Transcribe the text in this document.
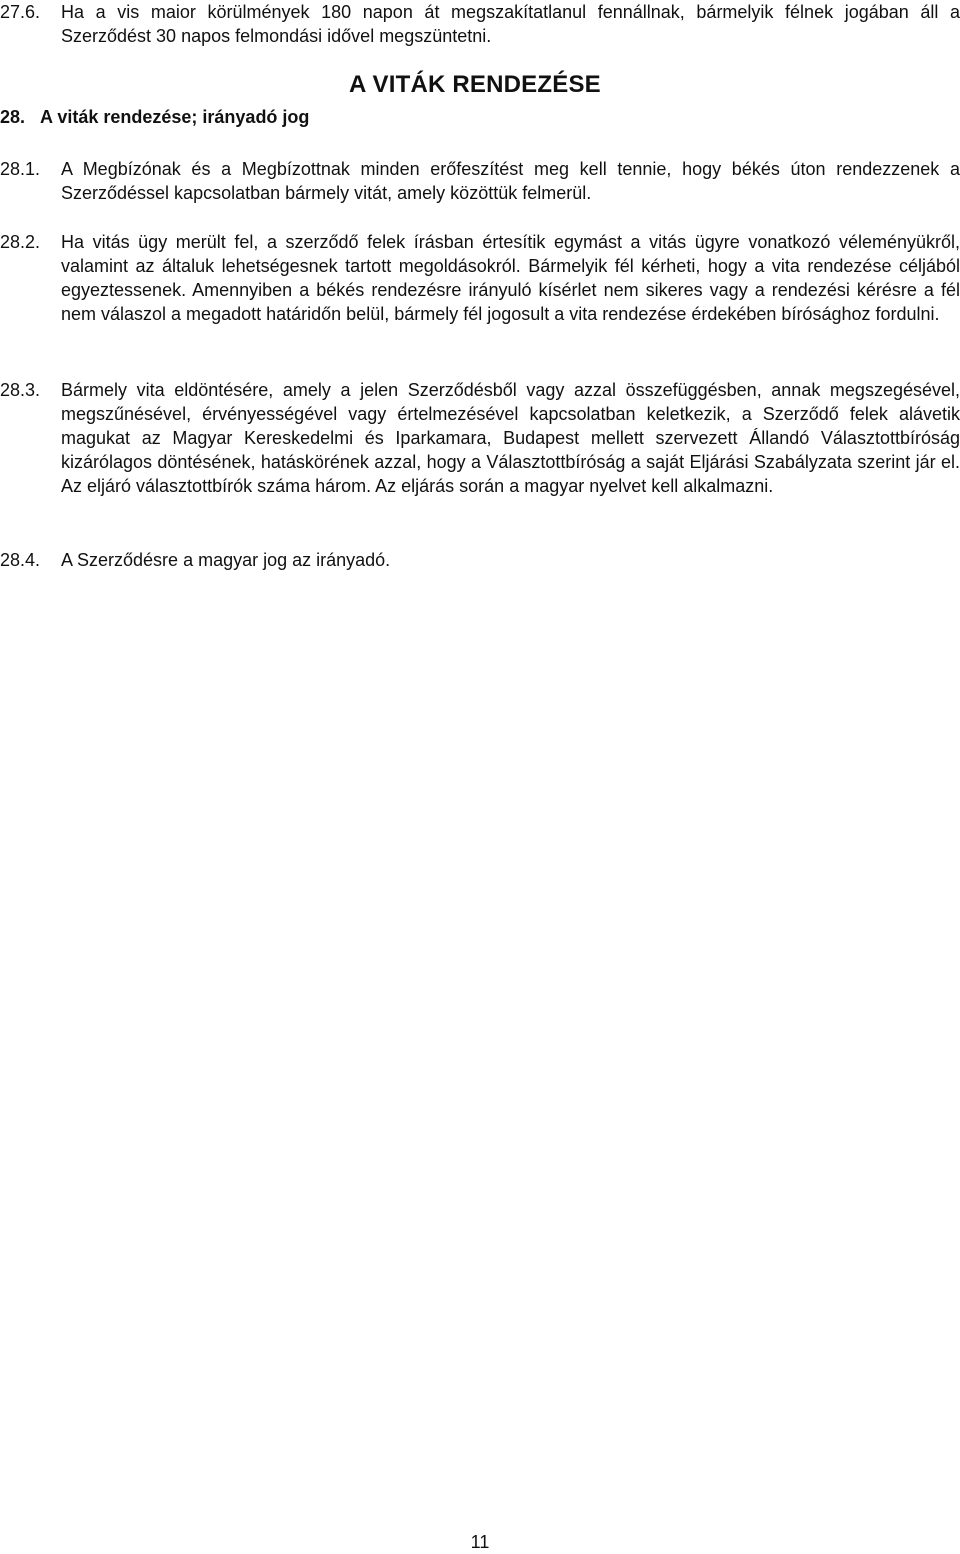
27.6. Ha a vis maior körülmények 180 napon át megszakítatlanul fennállnak, bármelyik félnek jogában áll a Szerződést 30 napos felmondási idővel megszüntetni.
A VITÁK RENDEZÉSE
28. A viták rendezése; irányadó jog
28.1. A Megbízónak és a Megbízottnak minden erőfeszítést meg kell tennie, hogy békés úton rendezzenek a Szerződéssel kapcsolatban bármely vitát, amely közöttük felmerül.
28.2. Ha vitás ügy merült fel, a szerződő felek írásban értesítik egymást a vitás ügyre vonatkozó véleményükről, valamint az általuk lehetségesnek tartott megoldásokról. Bármelyik fél kérheti, hogy a vita rendezése céljából egyeztessenek. Amennyiben a békés rendezésre irányuló kísérlet nem sikeres vagy a rendezési kérésre a fél nem válaszol a megadott határidőn belül, bármely fél jogosult a vita rendezése érdekében bírósághoz fordulni.
28.3. Bármely vita eldöntésére, amely a jelen Szerződésből vagy azzal összefüggésben, annak megszegésével, megszűnésével, érvényességével vagy értelmezésével kapcsolatban keletkezik, a Szerződő felek alávetik magukat az Magyar Kereskedelmi és Iparkamara, Budapest mellett szervezett Állandó Választottbíróság kizárólagos döntésének, hatáskörének azzal, hogy a Választottbíróság a saját Eljárási Szabályzata szerint jár el. Az eljáró választottbírók száma három. Az eljárás során a magyar nyelvet kell alkalmazni.
28.4. A Szerződésre a magyar jog az irányadó.
11
